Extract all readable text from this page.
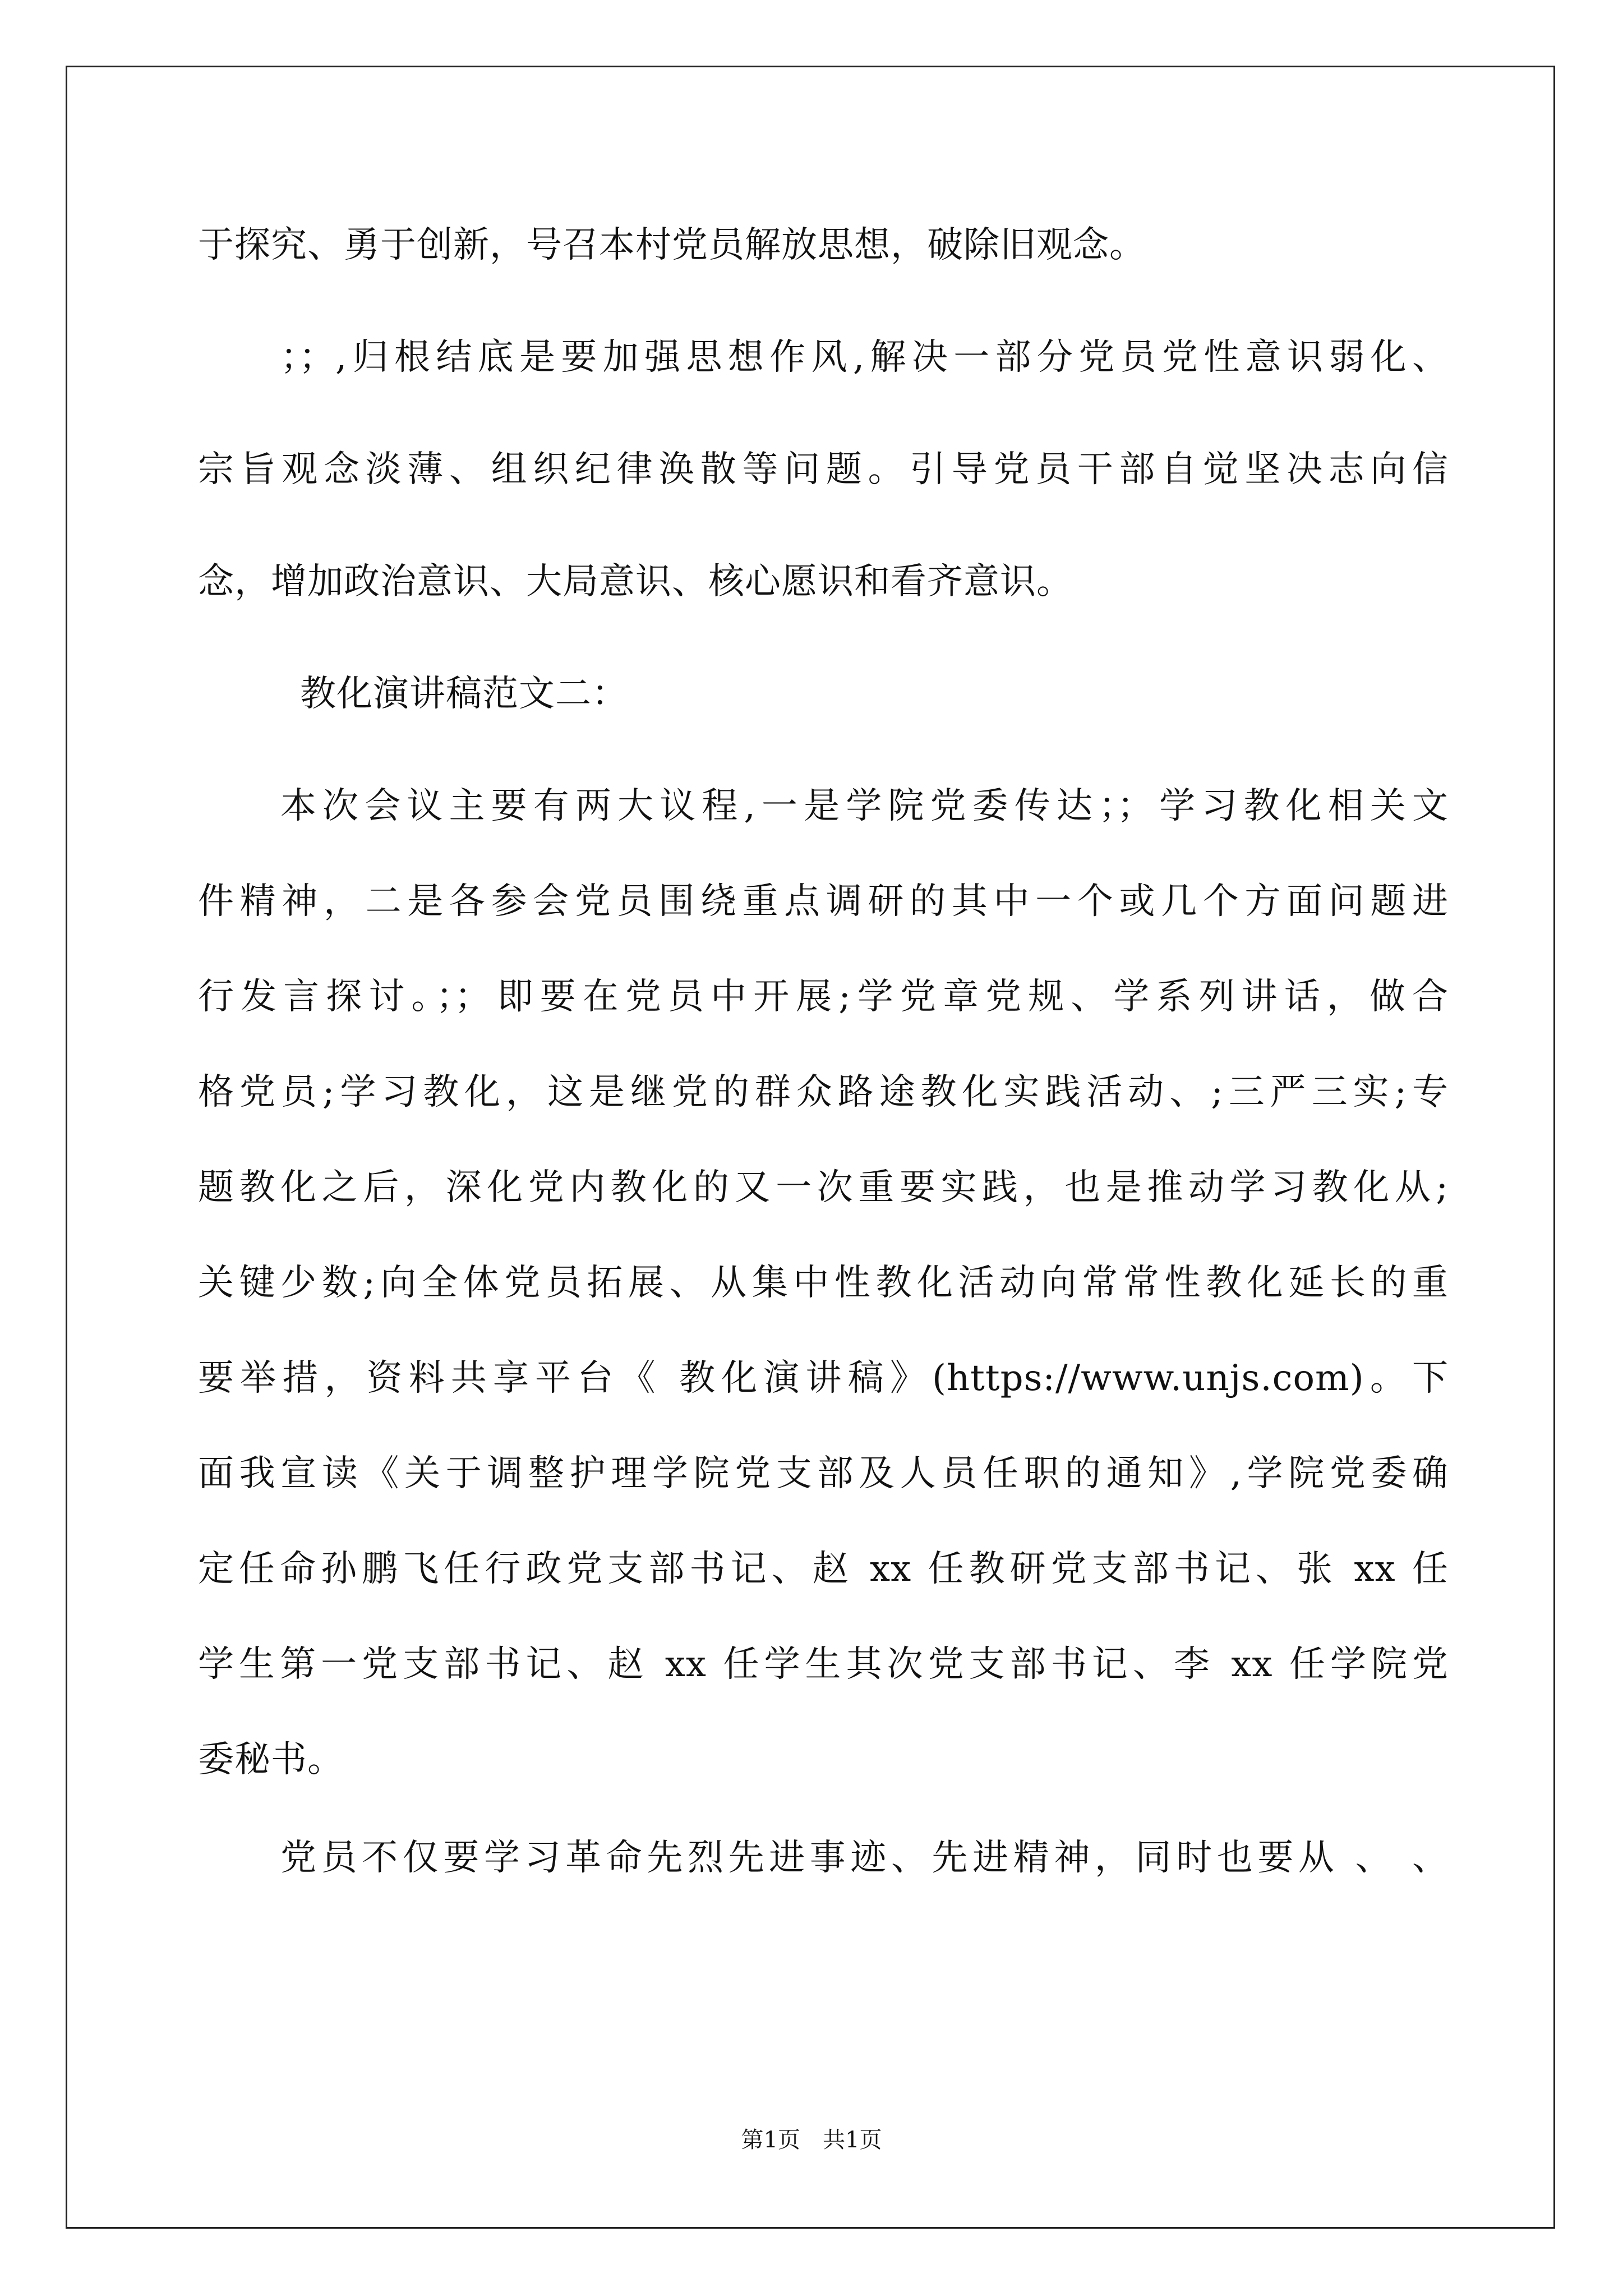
于探究、勇于创新，号召本村党员解放思想，破除旧观念。
；；,归根结底是要加强思想作风,解决一部分党员党性意识弱化、
宗旨观念淡薄、组织纪律涣散等问题。引导党员干部自觉坚决志向信
念，增加政治意识、大局意识、核心愿识和看齐意识。
教化演讲稿范文二：
本次会议主要有两大议程,一是学院党委传达；；学习教化相关文
件精神，二是各参会党员围绕重点调研的其中一个或几个方面问题进
行发言探讨。；；即要在党员中开展;学党章党规、学系列讲话，做合
格党员;学习教化，这是继党的群众路途教化实践活动、;三严三实;专
题教化之后，深化党内教化的又一次重要实践，也是推动学习教化从;
关键少数;向全体党员拓展、从集中性教化活动向常常性教化延长的重
要举措，资料共享平台《 教化演讲稿》(https://www.unjs.com)。下
面我宣读《关于调整护理学院党支部及人员任职的通知》,学院党委确
定任命孙鹏飞任行政党支部书记、赵 xx 任教研党支部书记、张 xx 任
学生第一党支部书记、赵 xx 任学生其次党支部书记、李 xx 任学院党
委秘书。
党员不仅要学习革命先烈先进事迹、先进精神，同时也要从 、 、
第1页　共1页
